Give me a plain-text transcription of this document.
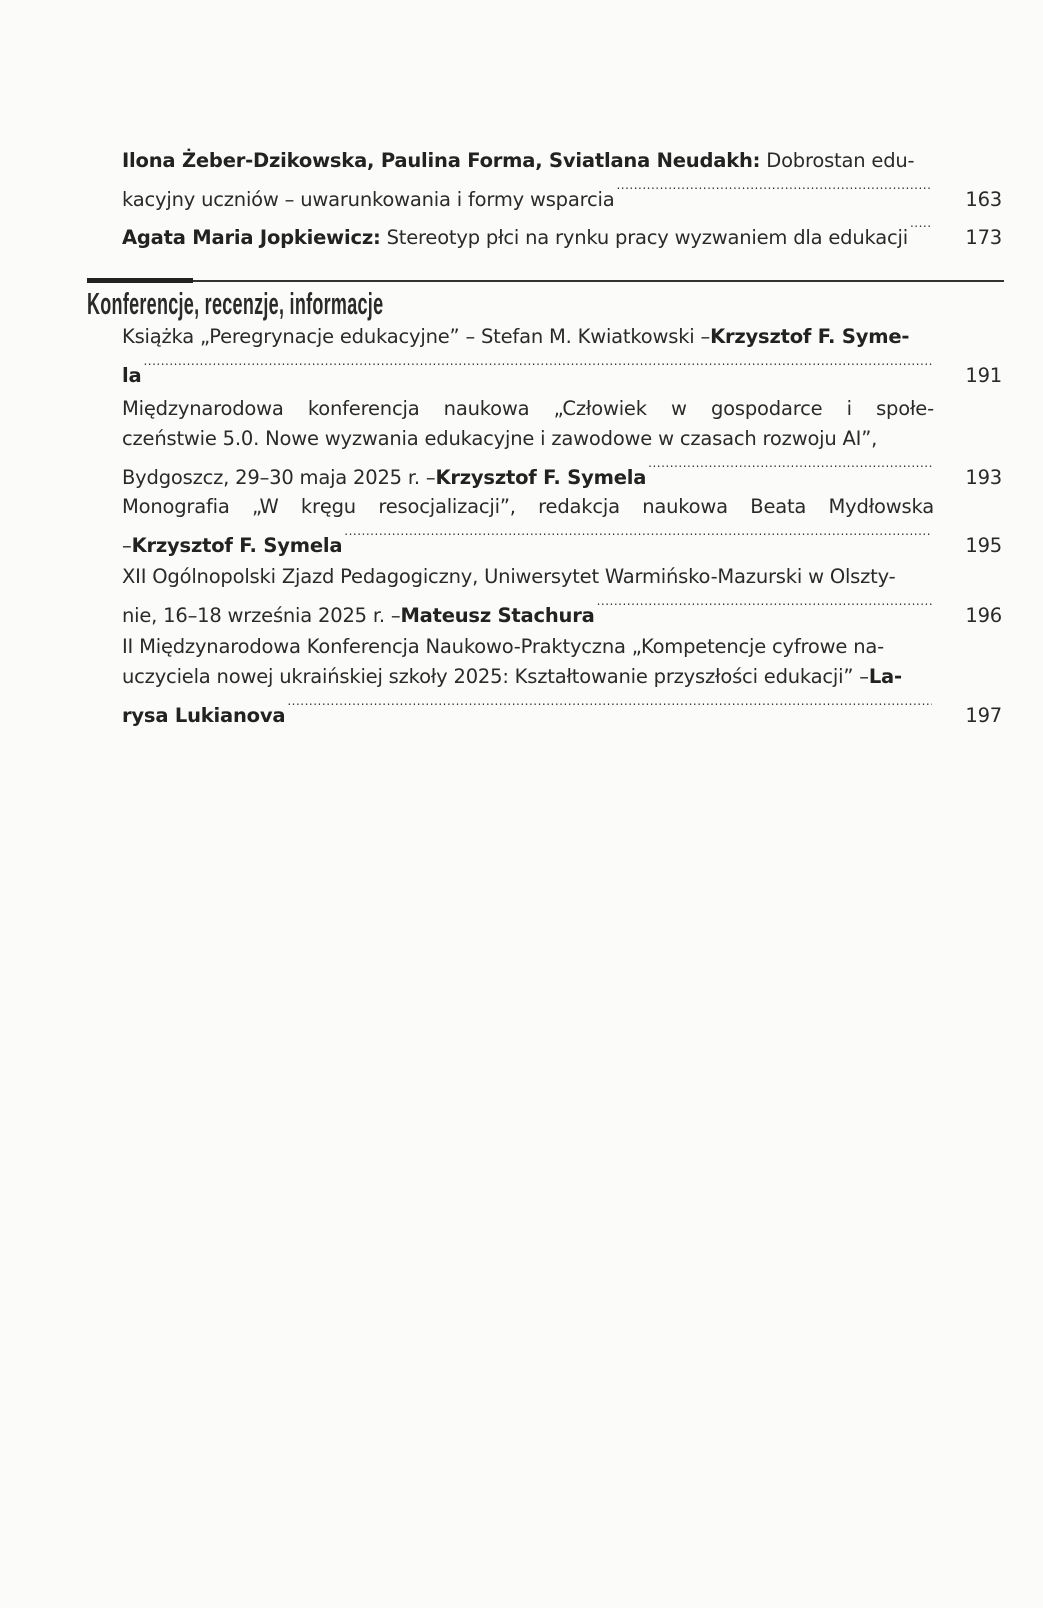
Ilona Żeber-Dzikowska, Paulina Forma, Sviatlana Neudakh:
Dobrostan edu-
kacyjny uczniów – uwarunkowania i formy wsparcia .....	163
Agata Maria Jopkiewicz:
Stereotyp płci na rynku pracy wyzwaniem dla edukacji .....	173
Konferencje, recenzje, informacje
Książka „Peregrynacje edukacyjne” – Stefan M. Kwiatkowski – Krzysztof F. Syme-
la .....	191
Międzynarodowa konferencja naukowa „Człowiek w gospodarce i społe-
czeństwie 5.0. Nowe wyzwania edukacyjne i zawodowe w czasach rozwoju AI”,
Bydgoszcz, 29–30 maja 2025 r. – Krzysztof F. Symela .....	193
Monografia „W kręgu resocjalizacji”, redakcja naukowa Beata Mydłowska
– Krzysztof F. Symela .....	195
XII Ogólnopolski Zjazd Pedagogiczny, Uniwersytet Warmińsko-Mazurski w Olszty-
nie, 16–18 września 2025 r. – Mateusz Stachura .....	196
II Międzynarodowa Konferencja Naukowo-Praktyczna „Kompetencje cyfrowe na-
uczyciela nowej ukraińskiej szkoły 2025: Kształtowanie przyszłości edukacji” – La-
rysa Lukianova .....	197
